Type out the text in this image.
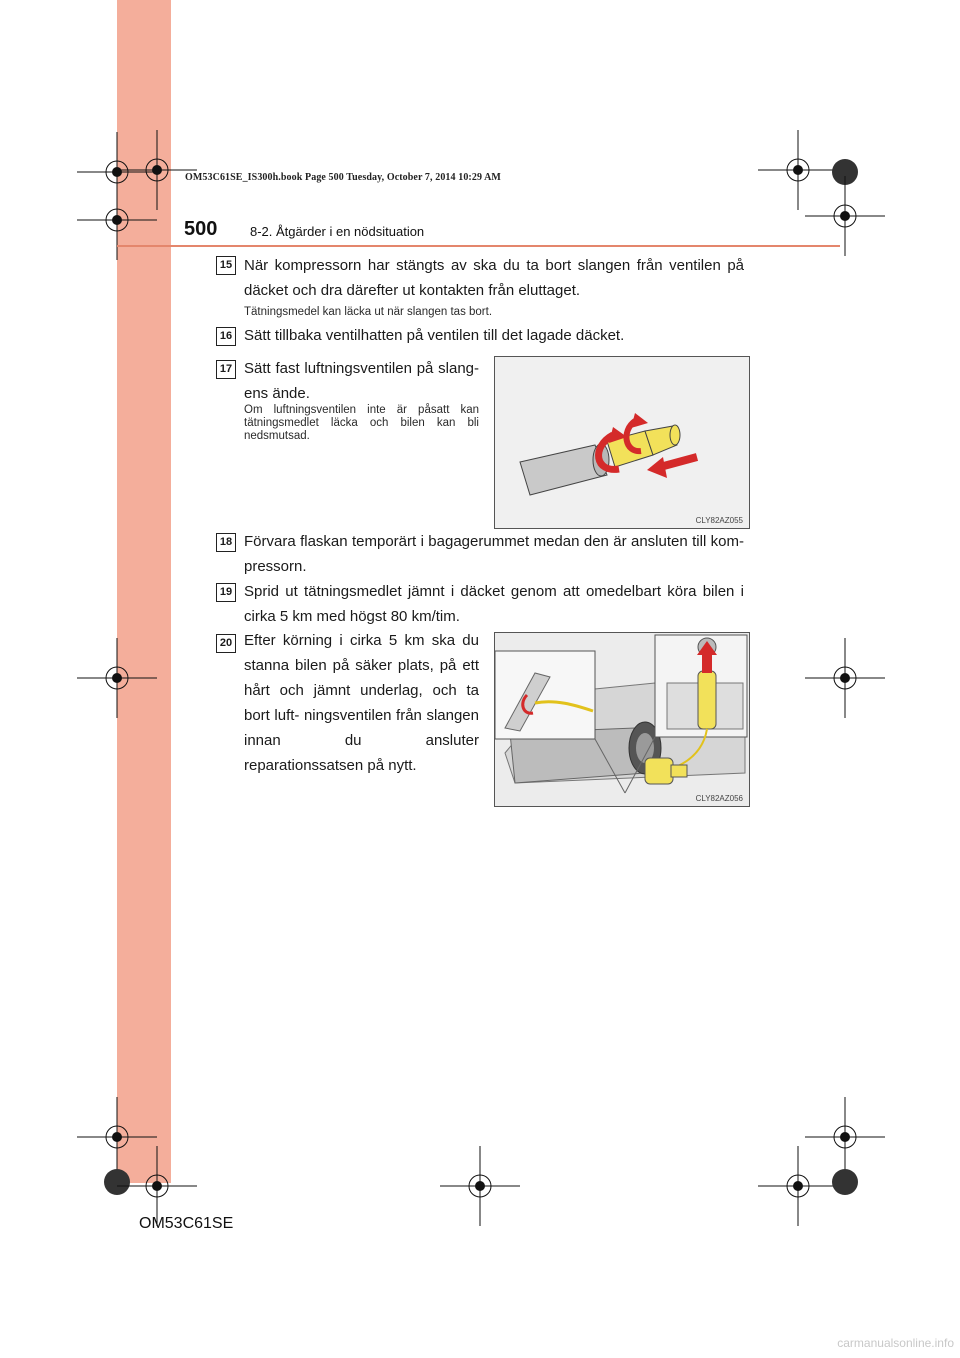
OM53C61SE_IS300h.book Page 500 Tuesday, October 7, 2014 10:29 AM
500	8-2. Åtgärder i en nödsituation
15 När kompressorn har stängts av ska du ta bort slangen från ventilen på däcket och dra därefter ut kontakten från eluttaget.
Tätningsmedel kan läcka ut när slangen tas bort.
16 Sätt tillbaka ventilhatten på ventilen till det lagade däcket.
17 Sätt fast luftningsventilen på slang- ens ände.
Om luftningsventilen inte är påsatt kan tätningsmedlet läcka och bilen kan bli nedsmutsad.
CLY82AZ055
18 Förvara flaskan temporärt i bagagerummet medan den är ansluten till kom- pressorn.
19 Sprid ut tätningsmedlet jämnt i däcket genom att omedelbart köra bilen i cirka 5 km med högst 80 km/tim.
20 Efter körning i cirka 5 km ska du stanna bilen på säker plats, på ett hårt och jämnt underlag, och ta bort luft- ningsventilen från slangen innan du ansluter reparationssatsen på nytt.
CLY82AZ056
OM53C61SE
carmanualsonline.info
